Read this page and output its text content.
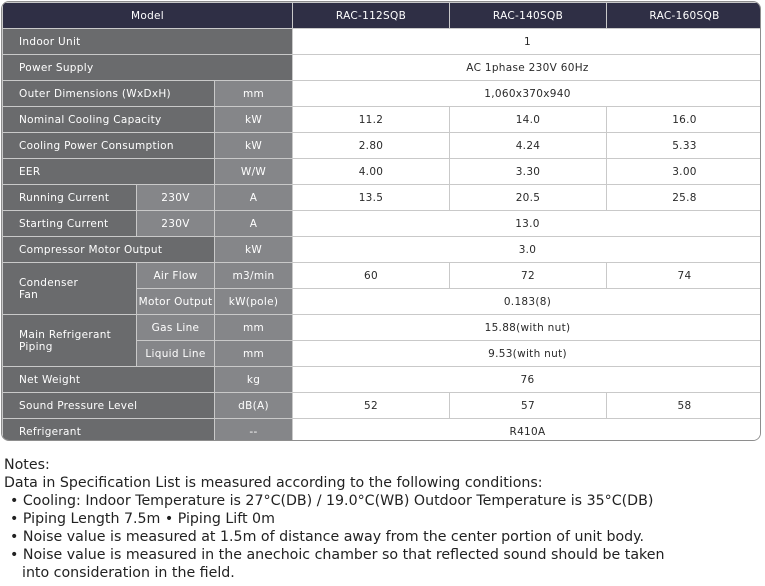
Model			RAC-112SQB	RAC-140SQB	RAC-160SQB
Indoor Unit			1		
Power Supply			AC 1phase 230V 60Hz		
Outer Dimensions (WxDxH)		mm	1,060x370x940		
Nominal Cooling Capacity		kW	11.2	14.0	16.0
Cooling Power Consumption		kW	2.80	4.24	5.33
EER		W/W	4.00	3.30	3.00
Running Current	230V	A	13.5	20.5	25.8
Starting Current	230V	A	13.0		
Compressor Motor Output		kW	3.0		
Condenser
Fan	Air Flow	m3/min	60	72	74
	Motor Output	kW(pole)	0.183(8)		
Main Refrigerant
Piping	Gas Line	mm	15.88(with nut)		
	Liquid Line	mm	9.53(with nut)		
Net Weight		kg	76		
Sound Pressure Level		dB(A)	52	57	58
Refrigerant		--	R410A		
Notes:
Data in Specification List is measured according to the following conditions:
• Cooling: Indoor Temperature is 27°C(DB) / 19.0°C(WB) Outdoor Temperature is 35°C(DB)
• Piping Length 7.5m • Piping Lift 0m
• Noise value is measured at 1.5m of distance away from the center portion of unit body.
• Noise value is measured in the anechoic chamber so that reflected sound should be taken
into consideration in the field.
